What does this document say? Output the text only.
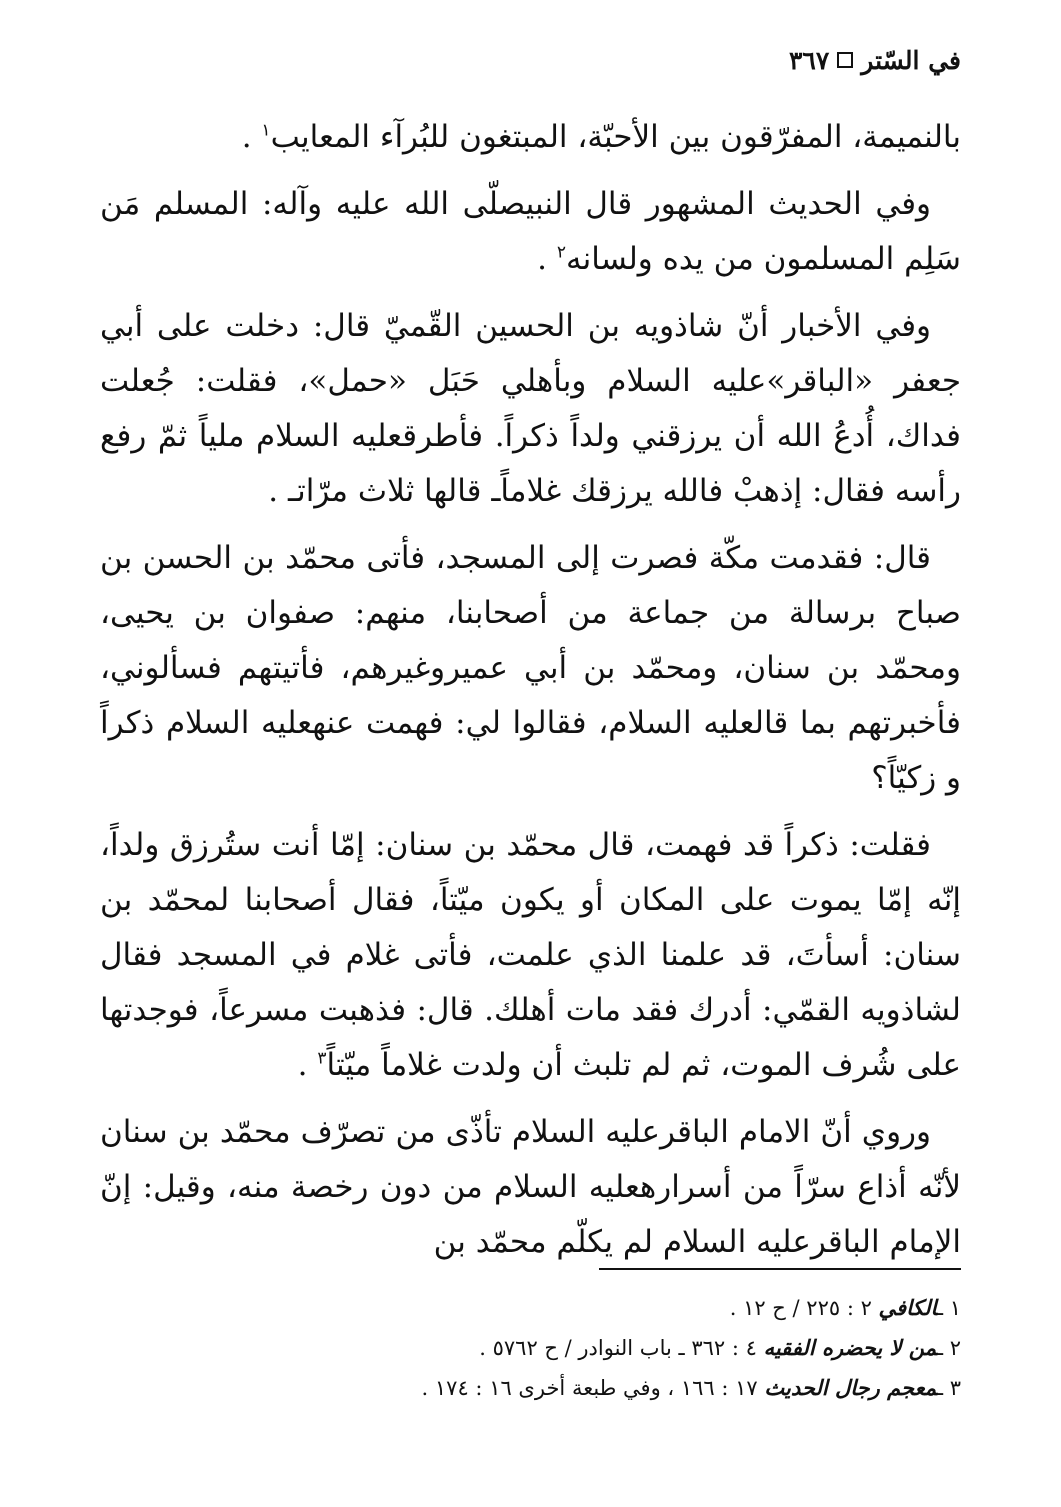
في السّتر
٣٦٧

بالنميمة، المفرّقون بين الأحبّة، المبتغون للبُرآء المعايب$^١$ .

وفي الحديث المشهور قال النبيصلّى الله عليه وآله: المسلم مَن سَلِم المسلمون من يده ولسانه$^٢$ .

وفي الأخبار أنّ شاذويه بن الحسين القّميّ قال: دخلت على أبي جعفر «الباقر»عليه السلام وبأهلي حَبَل «حمل»، فقلت: جُعلت فداك، أُدعُ الله أن يرزقني ولداً ذكراً. فأطرقعليه السلام ملياً ثمّ رفع رأسه فقال: إذهبْ فالله يرزقك غلاماًـ قالها ثلاث مرّاتـ .

قال: فقدمت مكّة فصرت إلى المسجد، فأتى محمّد بن الحسن بن صباح برسالة من جماعة من أصحابنا، منهم: صفوان بن يحيى، ومحمّد بن سنان، ومحمّد بن أبي عميروغيرهم، فأتيتهم فسألوني، فأخبرتهم بما قالعليه السلام، فقالوا لي: فهمت عنهعليه السلام ذكراً و زكيّاً؟

فقلت: ذكراً قد فهمت، قال محمّد بن سنان: إمّا أنت ستُرزق ولداً، إنّه إمّا يموت على المكان أو يكون ميّتاً، فقال أصحابنا لمحمّد بن سنان: أسأتَ، قد علمنا الذي علمت، فأتى غلام في المسجد فقال لشاذويه القمّي: أدرك فقد مات أهلك. قال: فذهبت مسرعاً، فوجدتها على شُرف الموت، ثم لم تلبث أن ولدت غلاماً ميّتاً$^٣$ .

وروي أنّ الامام الباقرعليه السلام تأذّى من تصرّف محمّد بن سنان لأنّه أذاع سرّاً من أسرارهعليه السلام من دون رخصة منه، وقيل: إنّ الإمام الباقرعليه السلام لم يكلّم محمّد بن

١ ـالكافي ٢ : ٢٢٥ / ح ١٢ .

٢ ـمن لا يحضره الفقيه ٤ : ٣٦٢ ـ باب النوادر / ح ٥٧٦٢ .

٣ ـمعجم رجال الحديث ١٧ : ١٦٦ ، وفي طبعة أخرى ١٦ : ١٧٤ .
